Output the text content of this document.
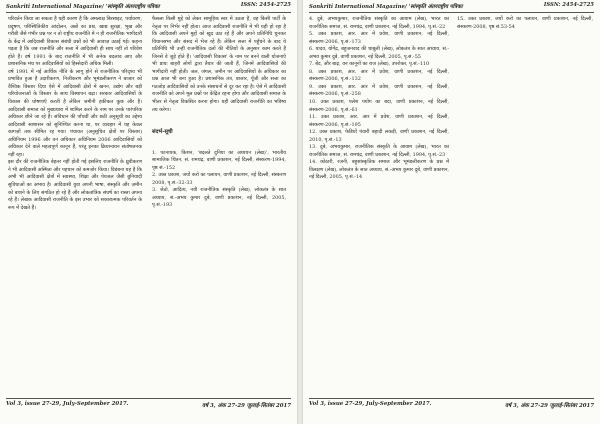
Sankriti International Magazine/ 'सांस्कृति अंतरराष्ट्रीय पत्रिका	ISSN: 2454-2725

परिवर्तन किया जा सकता है यही कारण है कि अमलाक्ष बिरसाइट, पर्यावरण, प्रदूषण, परिस्थितिकीय आंदोलन, अन्नों का प्रश्न, खाद्य सुरक्षा, भूख और गरीबी जैसे गंभीर प्रश्न पर न तो राष्ट्रीय राजनीति में न ही राजनीतिक भागीदारी के केंद्र में आदिवासी विकास संबंधी प्रश्नों को भी आवाज़ उठाई गई। कहना पड़ता है कि जब राजनीति और सत्ता में आदिवासी ही साथ नहीं तो परिवेश होते हैं। वर्ष 1991 के बाद राजनीति में भी अनेक बदलाव आए और प्रशासनिक मंच पर आदिवासियों को हिस्सेदारी अधिक मिली।

वर्ष 1991 में नई आर्थिक नीति के लागू होने से राजनीतिक परिदृश्य भी प्रभावित हुआ है उदारीकरण, निजीकरण और भूमंडलीकरण ने बाजार को वैश्विक विस्तार दिया ऐसे में आदिवासी क्षेत्रों में खनन, उद्योग और बड़ी परियोजनाओं के विस्तार के साथ विस्थापन बढ़ा। सरकार आदिवासियों के विकास की घोषणाएँ करती है लेकिन जमीनी हकीकत कुछ और है। आदिवासी समाज को मुख्यधारा में शामिल करने के नाम पर उनके पारंपरिक अधिकार छीने जा रहे हैं। संविधान की पाँचवीं और छठी अनुसूची का उद्देश्य आदिवासी स्वशासन को सुनिश्चित करना था, पर व्यवहार में यह केवल कागज़ों तक सीमित रह गया। पंचायत (अनुसूचित क्षेत्रों पर विस्तार) अधिनियम 1996 और वन अधिकार अधिनियम 2006 आदिवासियों को अधिकार देने वाले महत्वपूर्ण कानून हैं, परंतु इनका क्रियान्वयन संतोषजनक नहीं रहा।

इस दौर की राजनीतिक बेहतर नहीं होती गई इसलिए राजनीति के ध्रुवीकरण ने भी आदिवासी अस्मिता और पहचान को कमजोर किया। विडंबना यह है कि अभी भी आदिवासी क्षेत्रों में स्वास्थ्य, शिक्षा और पेयजल जैसी बुनियादी सुविधाओं का अभाव है। आदिवासी युवा अपनी भाषा, संस्कृति और ज़मीन को बचाने के लिए संगठित हो रहे हैं और लोकतांत्रिक संघर्ष का रास्ता अपना रहे हैं। लेखक आदिवासी राजनीति के इस उभार को सकारात्मक परिवर्तन के रूप में देखते हैं।

फैसला किसी मुद्दे को लेकर सामूहिक स्वर में उठता है, वह किसी पार्टी के नेतृत्व पर निर्भर नहीं होता। आज आदिवासी राजनीति में भी यही हो रहा है कि आदिवासी अपने मुद्दों को खुद उठा रहे हैं और अपने प्रतिनिधि चुनकर विधानसभा और संसद में भेज रहे हैं। लेकिन सत्ता में पहुँचने के बाद ये प्रतिनिधि भी उन्हीं राजनीतिक दलों की नीतियों के अनुसार काम करते हैं जिनसे वे जुड़े होते हैं। 'आदिवासी विकास' के नाम पर बनने वाली योजनाएँ भी प्रायः बाहरी लोगों द्वारा तैयार की जाती हैं, जिनमें आदिवासियों की भागीदारी नहीं होती। जल, जंगल, जमीन पर आदिवासियों के अधिकार का प्रश्न आज भी बना हुआ है। प्रशासनिक तंत्र, बाजार, पूँजी और सत्ता का गठजोड़ आदिवासियों को उनके संसाधनों से दूर कर रहा है। ऐसे में आदिवासी राजनीति को अपने मूल प्रश्नों पर केंद्रित रहना होगा और आदिवासी समाज के भीतर से नेतृत्व विकसित करना होगा। यही आदिवासी राजनीति का भविष्य तय करेगा।

संदर्भ-सूची

1. पटनायक, किशन, 'बदलते दुनिया का अध्ययन (लेख)', भारतीय सामाजिक चिंतन, सं. रामचंद्र, वाणी प्रकाशन, नई दिल्ली, संस्करण-1994, पृष्ठ सं.-152

2. उक्त प्रकाश, जयों करो का पलायन, वाणी प्रकाशन, नई दिल्ली, संस्करण 2008, पृ.सं.-32-33

3. जेठो, आदित्य, नयी राजनीतिक संस्कृति (लेख), लोकतंत्र के सात अध्याय, सं.-अभय कुमार दुबे, वाणी प्रकाशन, नई दिल्ली, 2005, पृ.सं.-193

Vol 3, issue 27-29, July-September 2017.	वर्ष 3, अंक 27-29 जुलाई-सितंबर 2017
Sankriti International Magazine/ 'सांस्कृति अंतरराष्ट्रीय पत्रिका	ISSN: 2454-2725

4. दुबे, अभयकुमार, राजनीतिक संस्कृति का आयाम (लेख), भारत का राजनीतिक समाज, सं. रामचंद्र, वाणी प्रकाशन, नई दिल्ली, 1994, पृ.सं.-22

5. उक्त प्रकाश, आर. आर में प्रवेश, वाणी प्रकाशन, नई दिल्ली, संस्करण-2006, पृ.सं.-173

6. यादव, योगेंद्र, बहुजनवाद की चाबूली (लेख), लोकतंत्र के सात अध्याय, सं.-अभय कुमार दुबे, वाणी प्रकाशन, नई दिल्ली, 2005, पृ.सं.-55

7. बेंद, और बाढ़, वन कानूनों का राज (लेख), उपरोक्त, पृ.सं.-110

8. उक्त प्रकाश, आर. आर में प्रवेश, वाणी प्रकाशन, नई दिल्ली, संस्करण-2006, पृ.सं.-132

9. उक्त प्रकाश, आर. आर में प्रवेश, वाणी प्रकाशन, नई दिल्ली, संस्करण-2006, पृ.सं.-258

10. उक्त प्रकाश, पलेश पयोग का बदा, वाणी प्रकाशन, नई दिल्ली, संस्करण-2006, पृ.सं.-61

11. उक्त प्रकाश, आर. आर में प्रवेश, वाणी प्रकाशन, नई दिल्ली, संस्करण-2006, पृ.सं.-195

12. उक्त प्रकाश, फेडियों पंवारी बहादी लकड़ी, वाणी प्रकाशन, नई दिल्ली, 2010, पृ.सं.-13

13. दुबे, अभयकुमार, राजनीतिक संस्कृति के आयाम (लेख), भारत का राजनीतिक समाज, सं. रामचंद्र, वाणी प्रकाशन, नई दिल्ली, 1994, पृ.सं.-23

14. कोठारी, रजनी, बहुसांस्कृतिक समाज और भूमंडलीकरण के प्रश्न में विलक्षण (लेख), लोकतंत्र के सात अध्याय, सं.-अभय कुमार दुबे, वाणी प्रकाशन, नई दिल्ली, 2005, पृ.सं.-14

15. उक्त प्रकाश, जयों करो का पलायन, वाणी प्रकाशन, नई दिल्ली, संस्करण-2008, पृष्ठ सं.53-54

Vol 3, issue 27-29, July-September 2017.	वर्ष 3, अंक 27-29 जुलाई-सितंबर 2017
